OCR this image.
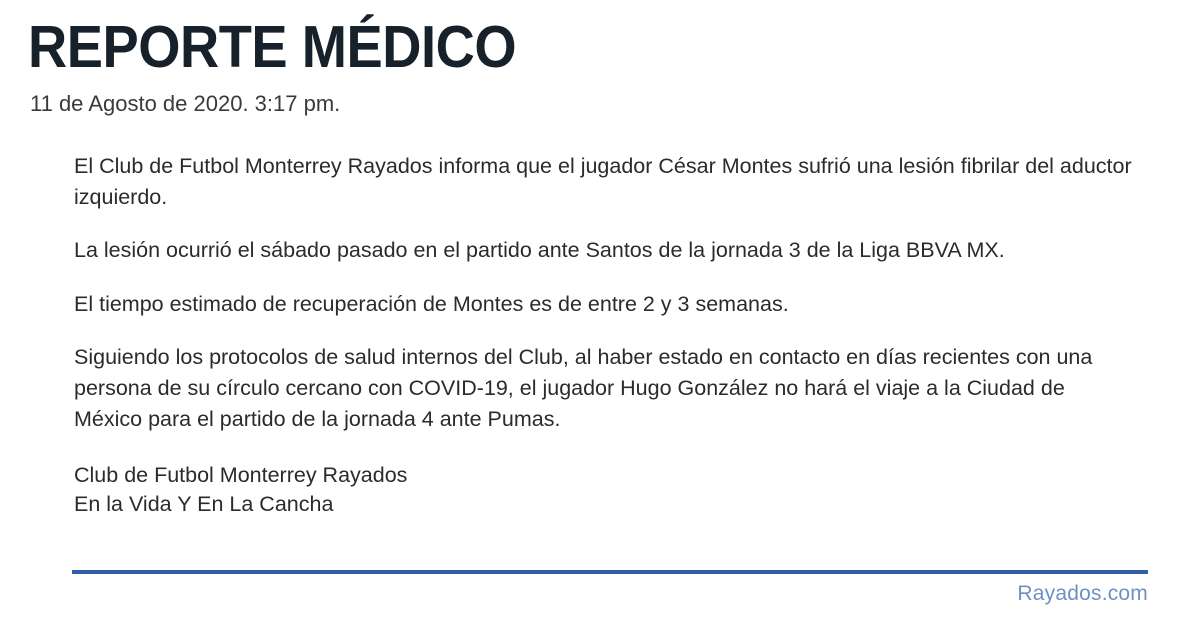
REPORTE MÉDICO
11 de Agosto de 2020. 3:17 pm.

El Club de Futbol Monterrey Rayados informa que el jugador César Montes sufrió una lesión fibrilar del aductor izquierdo.

La lesión ocurrió el sábado pasado en el partido ante Santos de la jornada 3 de la Liga BBVA MX.

El tiempo estimado de recuperación de Montes es de entre 2 y 3 semanas.

Siguiendo los protocolos de salud internos del Club, al haber estado en contacto en días recientes con una persona de su círculo cercano con COVID-19, el jugador Hugo González no hará el viaje a la Ciudad de México para el partido de la jornada 4 ante Pumas.

Club de Futbol Monterrey Rayados
En la Vida Y En La Cancha
Rayados.com
